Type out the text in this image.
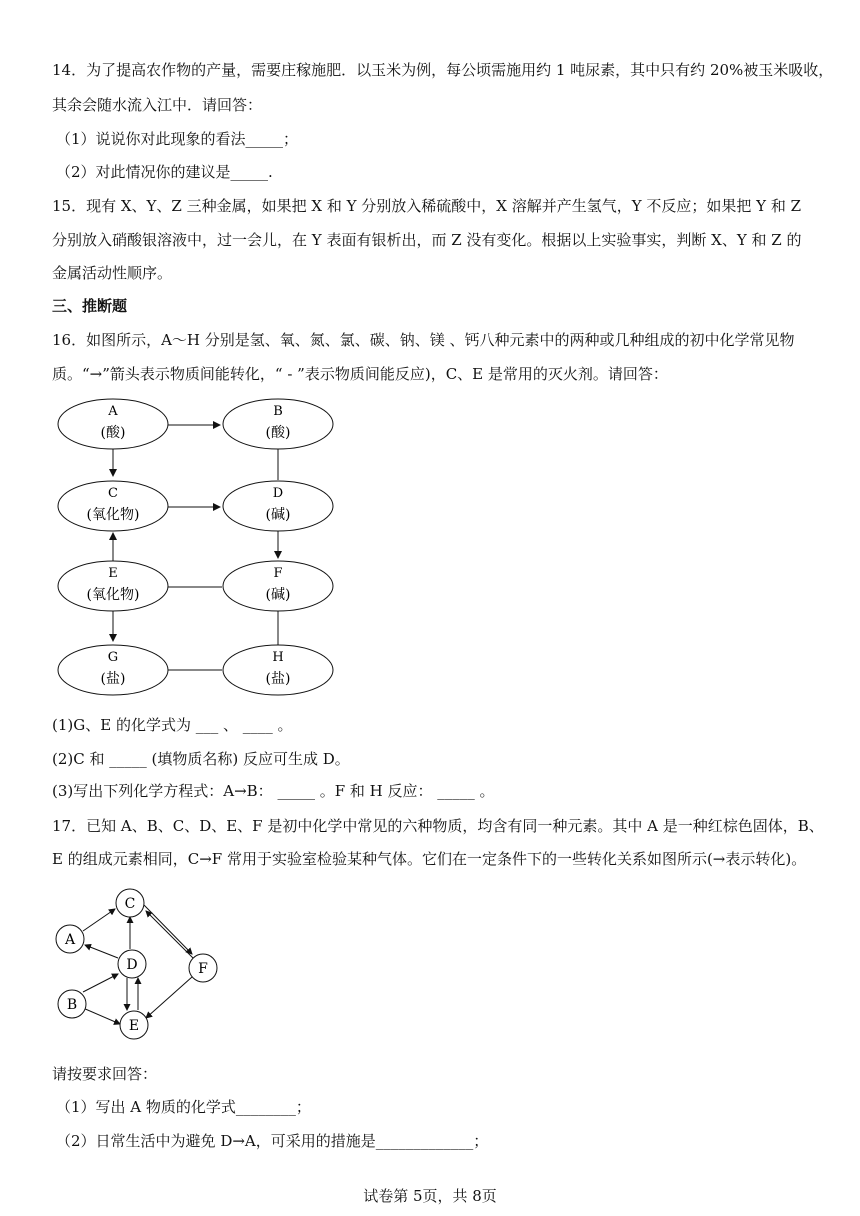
14．为了提高农作物的产量，需要庄稼施肥．以玉米为例，每公顷需施用约 1 吨尿素，其中只有约 20%被玉米吸收，
其余会随水流入江中．请回答：
（1）说说你对此现象的看法_____；
（2）对此情况你的建议是_____.
15．现有 X、Y、Z 三种金属，如果把 X 和 Y 分别放入稀硫酸中，X 溶解并产生氢气，Y 不反应；如果把 Y 和 Z
分别放入硝酸银溶液中，过一会儿，在 Y 表面有银析出，而 Z 没有变化。根据以上实验事实，判断 X、Y 和 Z 的
金属活动性顺序。
三、推断题
16．如图所示，A～H 分别是氢、氧、氮、氯、碳、钠、镁 、钙八种元素中的两种或几种组成的初中化学常见物
质。“→”箭头表示物质间能转化，“ - ”表示物质间能反应)，C、E 是常用的灭火剂。请回答：
A
(酸)
B
(酸)
C
(氧化物)
D
(碱)
E
(氧化物)
F
(碱)
G
(盐)
H
(盐)
(1)G、E 的化学式为 ___ 、 ____ 。
(2)C 和 _____ (填物质名称) 反应可生成 D。
(3)写出下列化学方程式：A→B： _____ 。F 和 H 反应： _____ 。
17．已知 A、B、C、D、E、F 是初中化学中常见的六种物质，均含有同一种元素。其中 A 是一种红棕色固体，B、
E 的组成元素相同，C→F 常用于实验室检验某种气体。它们在一定条件下的一些转化关系如图所示(→表示转化)。
A
B
C
D
E
F
请按要求回答：
（1）写出 A 物质的化学式________；
（2）日常生活中为避免 D→A，可采用的措施是_____________；
试卷第 5页，共 8页
